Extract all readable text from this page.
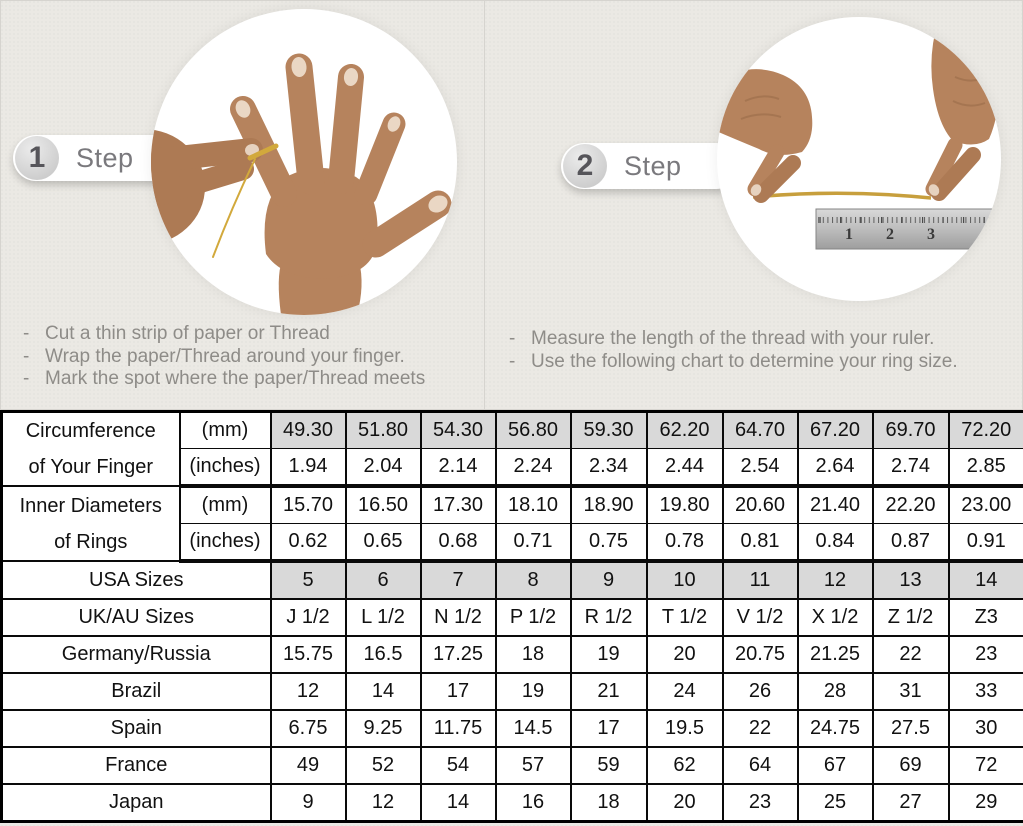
1	Step	2	Step
1 2 3
- Cut a thin strip of paper or Thread
- Wrap the paper/Thread around your finger.
- Mark the spot where the paper/Thread meets
- Measure the length of the thread with your ruler.
- Use the following chart to determine your ring size.
Circumference
of Your Finger	(mm)	49.30	51.80	54.30	56.80	59.30	62.20	64.70	67.20	69.70	72.20
	(inches)	1.94	2.04	2.14	2.24	2.34	2.44	2.54	2.64	2.74	2.85

Inner Diameters
of Rings	(mm)	15.70	16.50	17.30	18.10	18.90	19.80	20.60	21.40	22.20	23.00
	(inches)	0.62	0.65	0.68	0.71	0.75	0.78	0.81	0.84	0.87	0.91
USA Sizes		5	6	7	8	9	10	11	12	13	14
UK/AU Sizes		J 1/2	L 1/2	N 1/2	P 1/2	R 1/2	T 1/2	V 1/2	X 1/2	Z 1/2	Z3
Germany/Russia		15.75	16.5	17.25	18	19	20	20.75	21.25	22	23
Brazil		12	14	17	19	21	24	26	28	31	33
Spain		6.75	9.25	11.75	14.5	17	19.5	22	24.75	27.5	30
France		49	52	54	57	59	62	64	67	69	72
Japan		9	12	14	16	18	20	23	25	27	29
